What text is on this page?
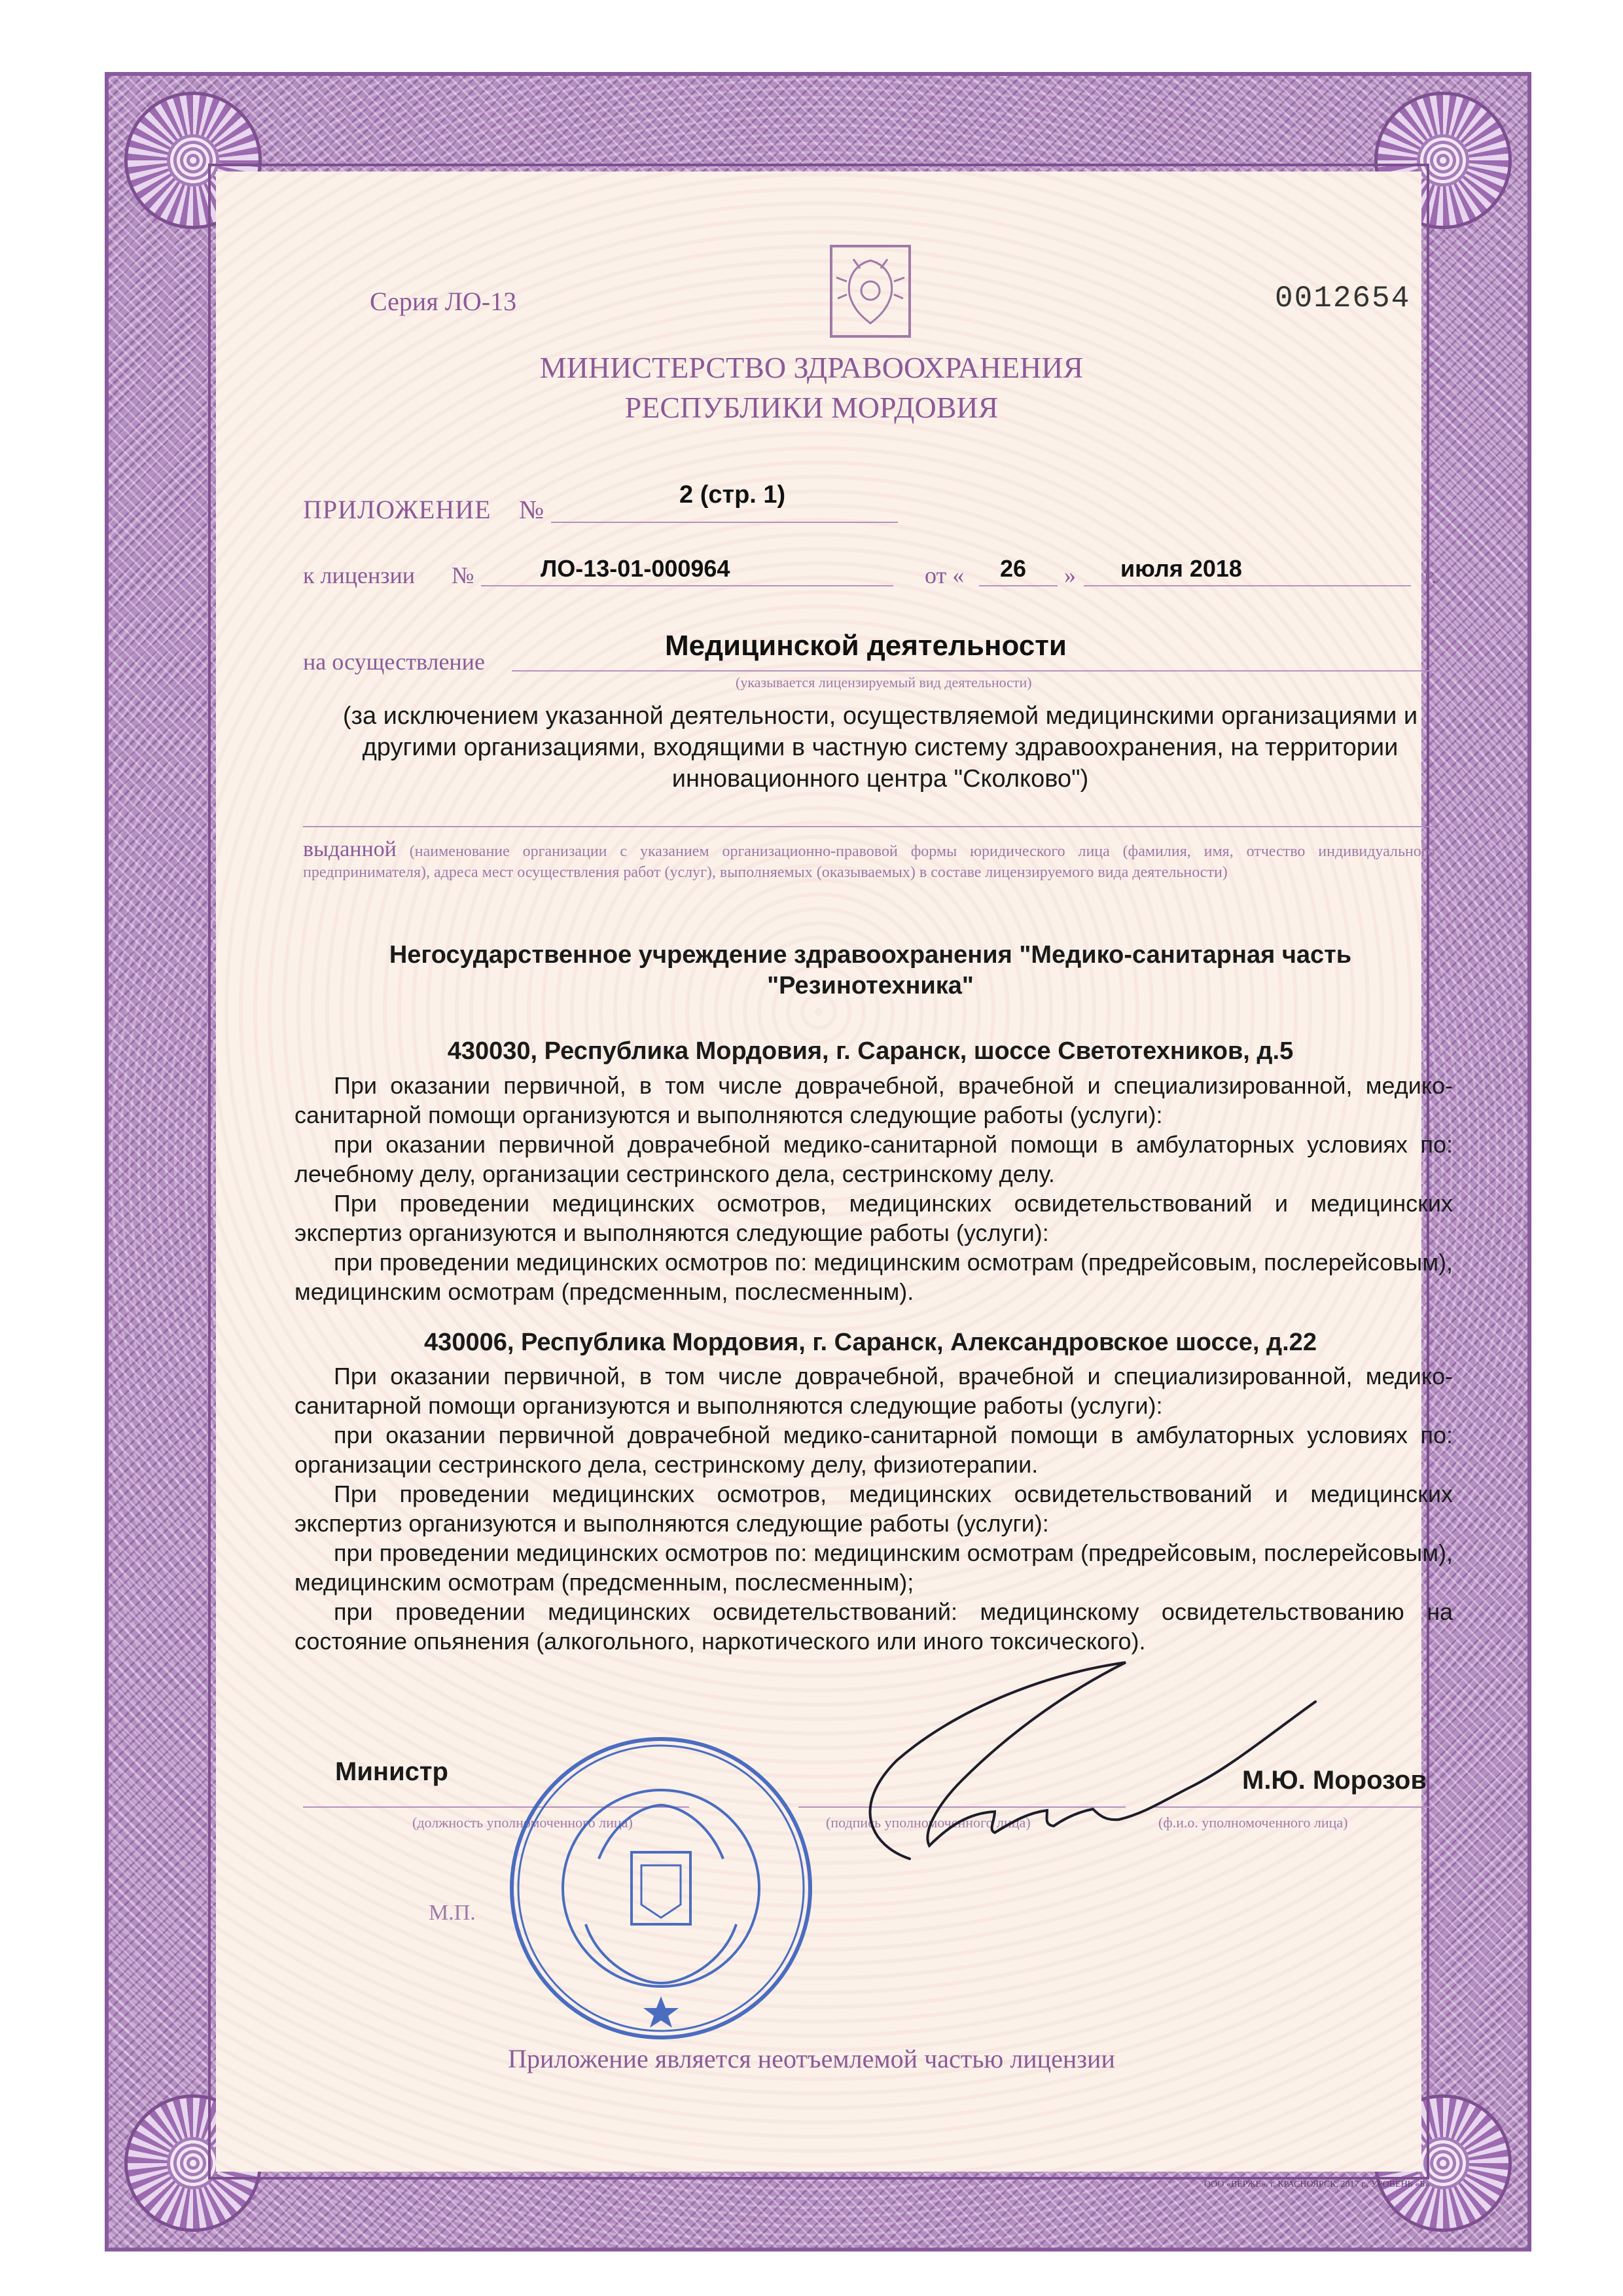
Серия ЛО-13	0012654
МИНИСТЕРСТВО ЗДРАВООХРАНЕНИЯ
РЕСПУБЛИКИ МОРДОВИЯ
ПРИЛОЖЕНИЕ №	2 (стр. 1)
к лицензии №	ЛО-13-01-000964	от « 26 » июля 2018	г.
на осуществление	Медицинской деятельности
(указывается лицензируемый вид деятельности)
(за исключением указанной деятельности, осуществляемой медицинскими организациями и другими организациями, входящими в частную систему здравоохранения, на территории инновационного центра "Сколково")
выданной (наименование организации с указанием организационно-правовой формы юридического лица (фамилия, имя, отчество индивидуального предпринимателя), адреса мест осуществления работ (услуг), выполняемых (оказываемых) в составе лицензируемого вида деятельности)
Негосударственное учреждение здравоохранения "Медико-санитарная часть
"Резинотехника"
430030, Республика Мордовия, г. Саранск, шоссе Светотехников, д.5

При оказании первичной, в том числе доврачебной, врачебной и специализированной, медико-санитарной помощи организуются и выполняются следующие работы (услуги):

при оказании первичной доврачебной медико-санитарной помощи в амбулаторных условиях по: лечебному делу, организации сестринского дела, сестринскому делу.

При проведении медицинских осмотров, медицинских освидетельствований и медицинских экспертиз организуются и выполняются следующие работы (услуги):

при проведении медицинских осмотров по: медицинским осмотрам (предрейсовым, послерейсовым), медицинским осмотрам (предсменным, послесменным).

430006, Республика Мордовия, г. Саранск, Александровское шоссе, д.22

При оказании первичной, в том числе доврачебной, врачебной и специализированной, медико-санитарной помощи организуются и выполняются следующие работы (услуги):

при оказании первичной доврачебной медико-санитарной помощи в амбулаторных условиях по: организации сестринского дела, сестринскому делу, физиотерапии.

При проведении медицинских осмотров, медицинских освидетельствований и медицинских экспертиз организуются и выполняются следующие работы (услуги):

при проведении медицинских осмотров по: медицинским осмотрам (предрейсовым, послерейсовым), медицинским осмотрам (предсменным, послесменным);

при проведении медицинских освидетельствований: медицинскому освидетельствованию на состояние опьянения (алкогольного, наркотического или иного токсического).

Министр	М.Ю. Морозов
(должность уполномоченного лица)	(подпись уполномоченного лица)	(ф.и.о. уполномоченного лица)
М.П.
Приложение является неотъемлемой частью лицензии
ООО «ВЕРЖЕ», г. КРАСНОЯРСК, 2017 г., УРОВЕНЬ «Б»
